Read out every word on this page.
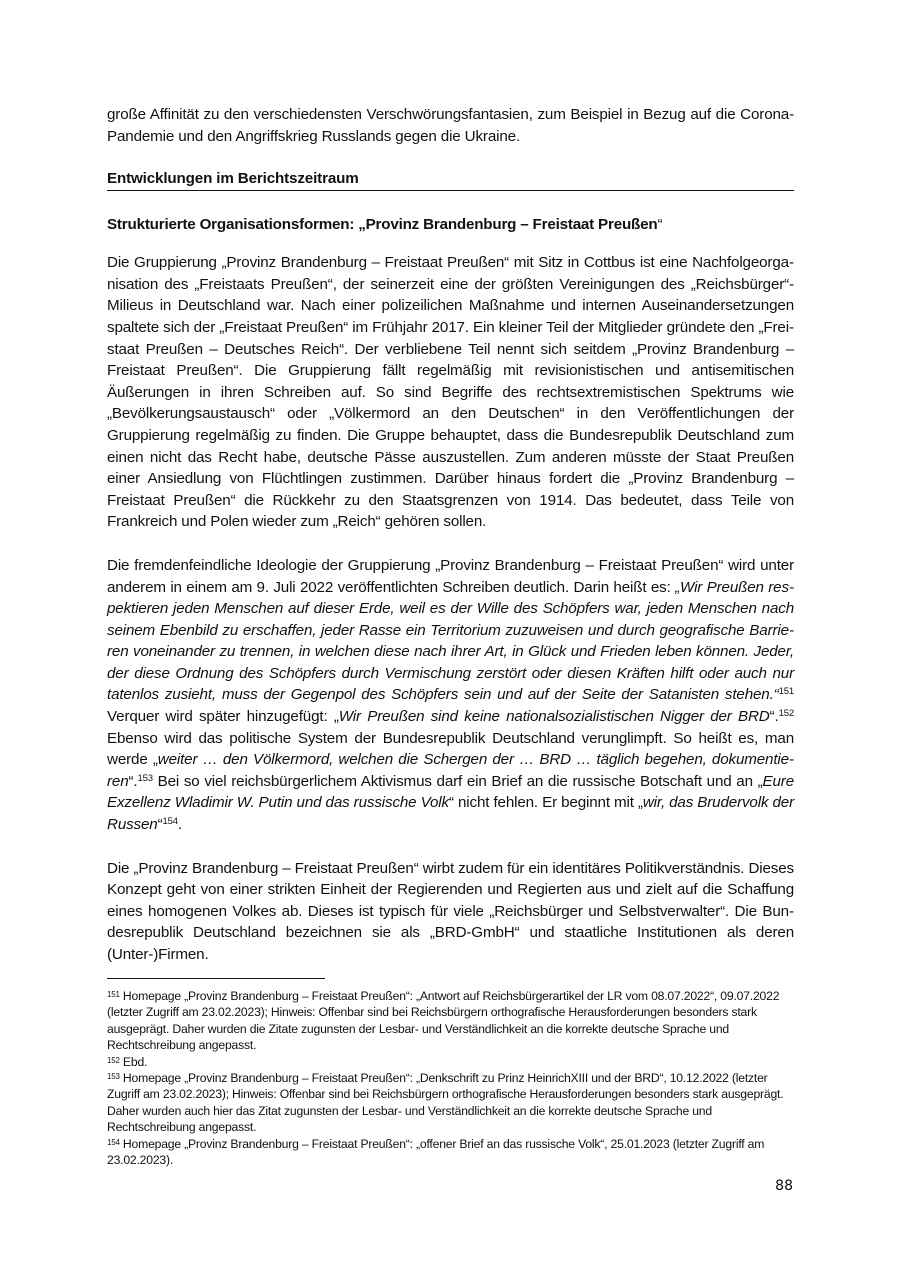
große Affinität zu den verschiedensten Verschwörungsfantasien, zum Beispiel in Bezug auf die Corona-Pandemie und den Angriffskrieg Russlands gegen die Ukraine.

Entwicklungen im Berichtszeitraum
Strukturierte Organisationsformen: „Provinz Brandenburg – Freistaat Preußen“

Die Gruppierung „Provinz Brandenburg – Freistaat Preußen“ mit Sitz in Cottbus ist eine Nachfolgeorganisation des „Freistaats Preußen“, der seinerzeit eine der größten Vereinigungen des „Reichsbürger“-Milieus in Deutschland war. Nach einer polizeilichen Maßnahme und internen Auseinandersetzungen spaltete sich der „Freistaat Preußen“ im Frühjahr 2017. Ein kleiner Teil der Mitglieder gründete den „Freistaat Preußen – Deutsches Reich“. Der verbliebene Teil nennt sich seitdem „Provinz Brandenburg – Freistaat Preußen“. Die Gruppierung fällt regelmäßig mit revisionistischen und antisemitischen Äußerungen in ihren Schreiben auf. So sind Begriffe des rechtsextremistischen Spektrums wie „Bevölkerungsaustausch“ oder „Völkermord an den Deutschen“ in den Veröffentlichungen der Gruppierung regelmäßig zu finden. Die Gruppe behauptet, dass die Bundesrepublik Deutschland zum einen nicht das Recht habe, deutsche Pässe auszustellen. Zum anderen müsste der Staat Preußen einer Ansiedlung von Flüchtlingen zustimmen. Darüber hinaus fordert die „Provinz Brandenburg – Freistaat Preußen“ die Rückkehr zu den Staatsgrenzen von 1914. Das bedeutet, dass Teile von Frankreich und Polen wieder zum „Reich“ gehören sollen.

Die fremdenfeindliche Ideologie der Gruppierung „Provinz Brandenburg – Freistaat Preußen“ wird unter anderem in einem am 9. Juli 2022 veröffentlichten Schreiben deutlich. Darin heißt es: „Wir Preußen respektieren jeden Menschen auf dieser Erde, weil es der Wille des Schöpfers war, jeden Menschen nach seinem Ebenbild zu erschaffen, jeder Rasse ein Territorium zuzuweisen und durch geografische Barrieren voneinander zu trennen, in welchen diese nach ihrer Art, in Glück und Frieden leben können. Jeder, der diese Ordnung des Schöpfers durch Vermischung zerstört oder diesen Kräften hilft oder auch nur tatenlos zusieht, muss der Gegenpol des Schöpfers sein und auf der Seite der Satanisten stehen.“$^{151}$ Verquer wird später hinzugefügt: „Wir Preußen sind keine nationalsozialistischen Nigger der BRD“.$^{152}$ Ebenso wird das politische System der Bundesrepublik Deutschland verunglimpft. So heißt es, man werde „weiter … den Völkermord, welchen die Schergen der … BRD … täglich begehen, dokumentieren“.$^{153}$ Bei so viel reichsbürgerlichem Aktivismus darf ein Brief an die russische Botschaft und an „Eure Exzellenz Wladimir W. Putin und das russische Volk“ nicht fehlen. Er beginnt mit „wir, das Brudervolk der Russen“$^{154}$.

Die „Provinz Brandenburg – Freistaat Preußen“ wirbt zudem für ein identitäres Politikverständnis. Dieses Konzept geht von einer strikten Einheit der Regierenden und Regierten aus und zielt auf die Schaffung eines homogenen Volkes ab. Dieses ist typisch für viele „Reichsbürger und Selbstverwalter“. Die Bundesrepublik Deutschland bezeichnen sie als „BRD-GmbH“ und staatliche Institutionen als deren (Unter-)Firmen.

$^{151}$ Homepage „Provinz Brandenburg – Freistaat Preußen“: „Antwort auf Reichsbürgerartikel der LR vom 08.07.2022“, 09.07.2022 (letzter Zugriff am 23.02.2023); Hinweis: Offenbar sind bei Reichsbürgern orthografische Herausforderungen besonders stark ausgeprägt. Daher wurden die Zitate zugunsten der Lesbar- und Verständlichkeit an die korrekte deutsche Sprache und Rechtschreibung angepasst.

$^{152}$ Ebd.

$^{153}$ Homepage „Provinz Brandenburg – Freistaat Preußen“: „Denkschrift zu Prinz HeinrichXIII und der BRD“, 10.12.2022 (letzter Zugriff am 23.02.2023); Hinweis: Offenbar sind bei Reichsbürgern orthografische Herausforderungen besonders stark ausgeprägt. Daher wurden auch hier das Zitat zugunsten der Lesbar- und Verständlichkeit an die korrekte deutsche Sprache und Rechtschreibung angepasst.

$^{154}$ Homepage „Provinz Brandenburg – Freistaat Preußen“: „offener Brief an das russische Volk“, 25.01.2023 (letzter Zugriff am 23.02.2023).

88
